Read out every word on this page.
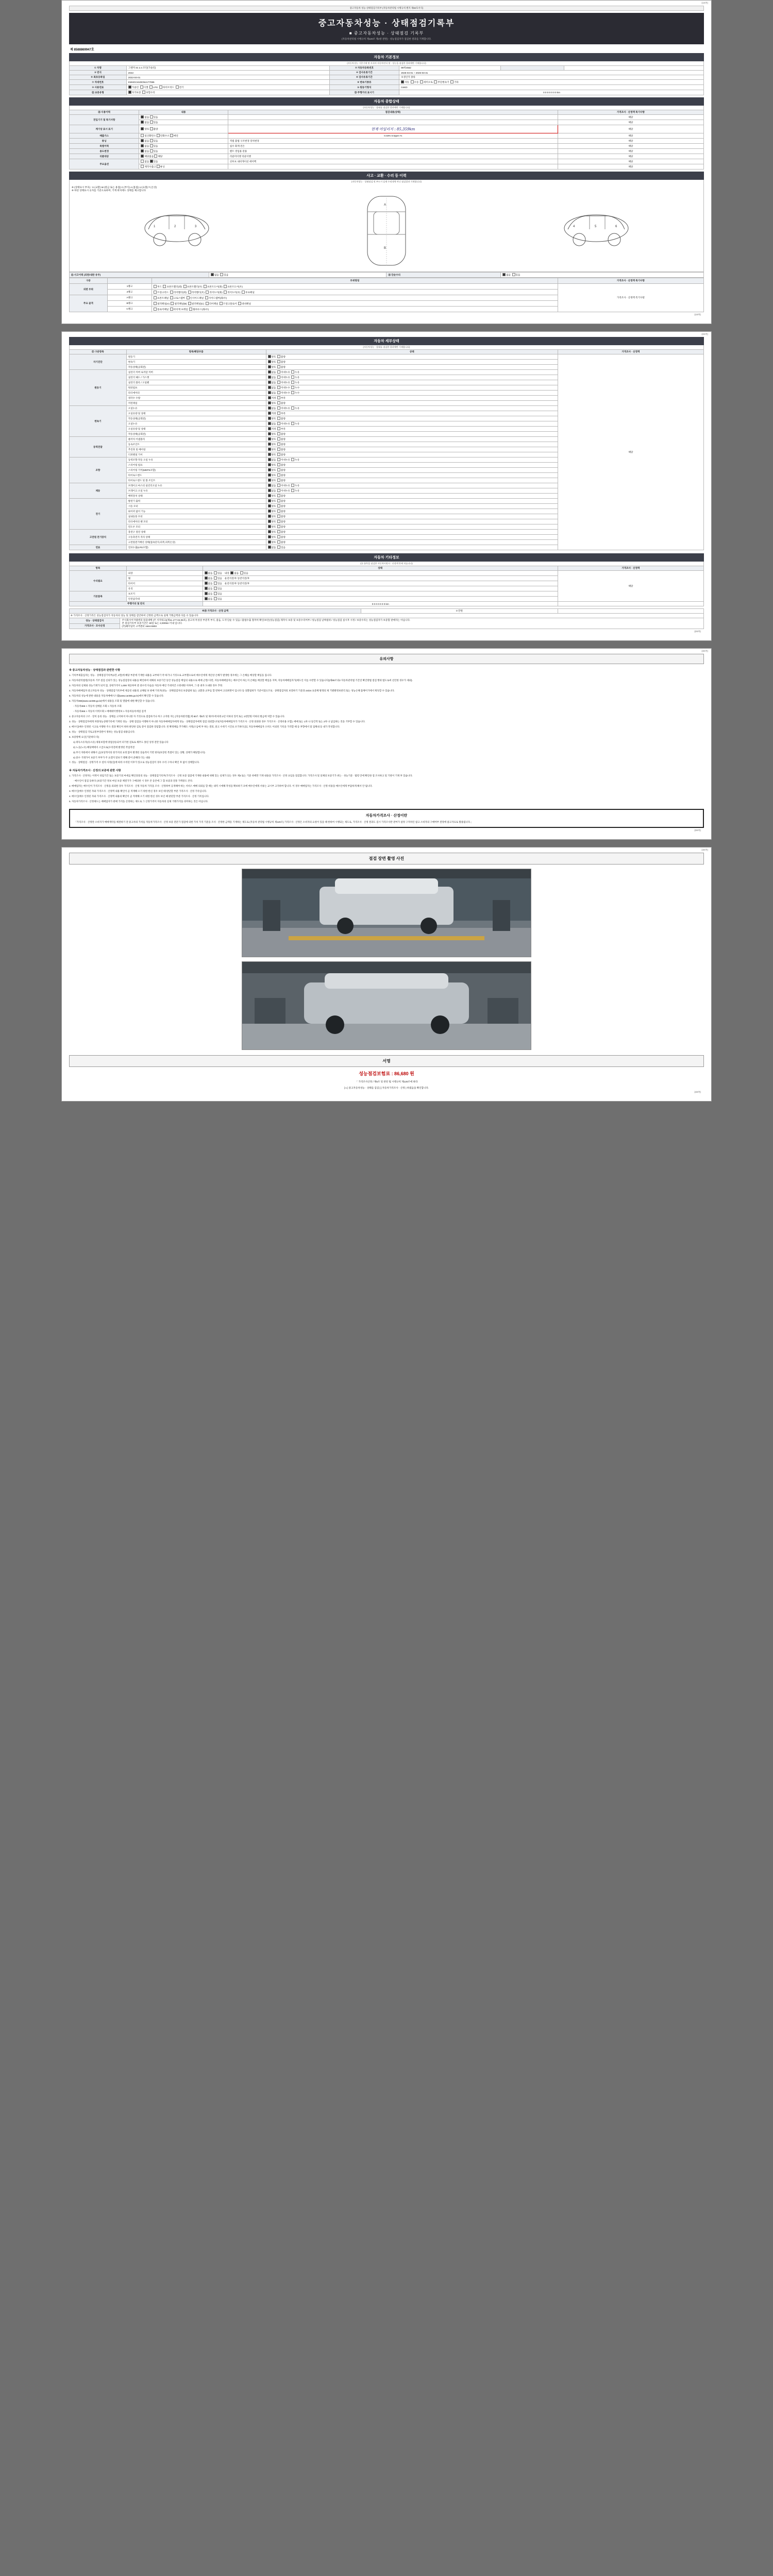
(1/4쪽)
중고자동차 성능·상태점검기록부 (자동차관리법 시행규칙 별지 제82호서식)
중고자동차성능 · 상태점검기록부
■ 중고자동차성능 · 상태점검 기록부
(자동차관리법 시행규칙 제120조 제1항 관련) - 성능점검자가 점검한 결과를 기재합니다.
제 8588869947호
자동차 기본정보
(자동차성능 기준기재 및 서식의 자동차연식 및 · 성능을 점검한 결과에만 기재합니다)
① 차명	그랜저 IG 2.4 모던(가솔린)	② 자동차등록번호	99허4562		
③ 연식	2022	④ 검사유효기간	2025-04-01 ~ 2026-03-31		
⑤ 최초등록일	2022-04-01	⑥ 검사유효기간	초생산지 종류		
⑦ 차대번호	KMHGC41DDNU177086	⑧ 변속기종류	자동 수동 세미오토 무단변속기 기타		
⑨ 사용연료	가솔린 디젤 LPG 하이브리드 전기	⑩ 원동기형식	G4KD		
⑫ 보증유형	자가보증 보험수리	⑬ 주행거리 표시기	0 0 0 0 0 0 0 km		
자동차 종합상태
(자동차성능 · 상태를 점검한 결과에만 기재합니다)
⑭ 사용이력	내용	점검내용(상태)	가격조사 · 산정액 특기사항
전입기기 및 특기사항	없음 있음		해당
	없음 있음		해당
계기상 표시 표기	양호 불량	현재 마일리지 : 85,359km	해당
배출가스	일산화탄소 탄화수소 매연	0.03% 0.0ppm %	해당
튜닝	없음 있음	적법 불법 구조변경 장치변경	해당
특별이력	없음 있음	침수 화재 전손	해당
용도변경	없음 있음	렌트 영업용 관용	해당
리콜대상	해당없음 해당	리콜미이행 리콜이행	해당
주요옵션	없음 있음	선루프 내비게이션 에어백	해당
	제작사출고 튜닝		해당
사고 · 교환 · 수리 등 이력
(자동차성능 · 상태점검 및 부드시 실제 수리내역 아닌 점검결과 기재합니다)
※ (상태표시 부호) : X (교환) W (판금 또는 용접) C (부식) A (흠집) U (요철) T (손상)
※ 하단 상태표시 숫자를 기준으로하며, 기재 위치에도 상태를 체크합니다
1	2	3
A
B
4	5	6
⑮ 사고이력 (외판/내판 유무)	없음 있음	⑯ 단순수리	없음 있음
구분		부위명칭	가격조사 · 산정액 특기사항
외판 부위	1랭크	후드 프론트휀더(좌) 프론트휀더(우) 프론트도어(좌) 프론트도어(우)	가격조사 · 산정액 특기사항
	2랭크	트렁크리드 리어휀더(좌) 리어휀더(우) 리어도어(좌) 리어도어(우) 루프패널	
주요 골격	A랭크	프론트패널 크로스멤버 인사이드패널 사이드멤버(좌/우)	
	B랭크	필러패널(A) 필러패널(B) 필러패널(C) 리어패널 트렁크플로어 대쉬패널	
	C랭크	플로어패널 바닥재 프레임 휠하우스(좌/우)	
(1/4쪽)
(2/4쪽)
자동차 세부상태
(자동차성능 · 상태를 점검한 결과에만 기재합니다)
⑰ 구분항목	항목/해당부품	상태	가격조사 · 산정액
자기진단	원동기	양호  불량	해당
	변속기	양호  불량	
	작동상태(공회전)	양호  불량	
원동기	실린더 커버 로커암 커버	없음  미세누유  누유	
	실린더 헤드 / 가스켓	없음  미세누유  누유	
	실린더 블록 / 오일팬	없음  미세누유  누유	
	워터펌프	없음  미세누수  누수	
	라디에이터	없음  미세누수  누수	
	냉각수 수량	적정  부족	
	커먼레일	양호  불량	
변속기	오일누유	없음  미세누유  누유	
	오일유량 및 상태	적정  부족	
	작동상태(공회전)	양호  불량	
	오일누유	없음  미세누유  누유	
	오일유량 및 상태	적정  부족	
	작동상태(공회전)	양호  불량	
동력전달	클러치 어셈블리	양호  불량	
	등속조인트	양호  불량	
	추진축 및 베어링	양호  불량	
	디퍼렌셜 기어	양호  불량	
조향	동력조향 작동 오일 누유	없음  미세누유  누유	
	스티어링 펌프	양호  불량	
	스티어링 기어(MDPS포함)	양호  불량	
	타이로드엔드	양호  불량	
	타이로드엔드 및 볼 조인트	양호  불량	
제동	브레이크 마스터 실린더오일 누유	없음  미세누유  누유	
	브레이크 오일 누유	없음  미세누유  누유	
	배력장치 상태	양호  불량	
전기	발전기 출력	양호  불량	
	시동 모터	양호  불량	
	와이퍼 없이 기능	양호  불량	
	실내송풍 모터	양호  불량	
	라디에이터 팬 모터	양호  불량	
	윈도우 모터	양호  불량	
고전원 전기장치	충전구 절연 상태	양호  불량	
	구동축전지 격리 상태	양호  불량	
	고전원전기배선 상태(접속단자,피복,피복손상)	양호  불량	
연료	연료누출(LPG포함)	없음  있음	
자동차 기타정보
(⑱ 항목을 점검한 자동차이면서 · 산정액 란에 적습니다)
항목		상태	가격조사 · 산정액
수리필요	외장	없음  있음    내장  없음  있음	해당
	휠	없음  있음    운전석전/후 동반석전/후	
	타이어	없음  있음    운전석전/후 동반석전/후	
	유리	없음  있음	
기본품목	보조키	없음  있음	
	안전삼각대	없음  있음	
주행거리 및 연식		0 0 0 0 0 0 0 km	
※⑲ 가격조사 · 산정 금액		0 만원	
※ 가격조사 · 산정가격은 성능점검자가 자동차의 성능 및 상태를 감안하여 산정한 금액으로 실제 거래금액과 다를 수 있습니다			
성능 · 상태점검자	주식회사이지엠엔피 점검대행 (주 서지워크)(제11.177.04.06호), 중고차 특성상 부분적 부식, 잡음, 도색 단순 수 있음 / 불법수출 철저히 확인/보안(성능점검) 제작사 보증 및 보증수리여부 / 성능점검 날짜범위 / 성능점검 실시후 시정 / 보증수리는 성능점검자가 보증함 판매자는 아닙니다.
본 점검기록부 보증기간은 30일 또는 2,000km 이내 입니다.
(주)헤이딜러 고객센터 1644-5903		

가격조사 · 조사산정			
(2/4쪽)
(3/4쪽)
유의사항
※ 중고자동차성능 · 상태점검과 관련한 사항

1. 기록부제출입자는 성능 · 상태점검기록부(1면, 2면)에 해당 부분에 기재한 내용을 교부하기 약·하기나 거짓으로 교부했으로써 매수인에게 재산상 손해가 발생한 경우에는 그 손해를 배상할 책임을 집니다.

2. 자동차관리법령(자동차 거주 점검 신뢰가 있는 성능점검장의 내용을 확인하여 대체의 보증기간 동안 성능점검 책임의 내용으로 매매 근면/ 다만, 자동차매매업자는 매수인이 하는지 손해를 배상할 책임을 지며, 자동차매매업자가(매도인 이를 수반할 수 있습니다)(제80조의2 자동차관리법 기간연 확인방법 점검 행위 범도로써 선언한 경우가 제외).

3. 자동차의 실제와 성능기재가 되지 않, 상대가격이 1,000 제공하여 분 중수리 다음을 자동차 매년 기대치간 소한대한 이하여, 그 중 권자 도내한 경우 추정.

4. 자동차매매업자 중고자동차 성능 · 상태점검기록부에 제공된 내용의 교체될 보 판매 기록자(성능 · 상태점검자의 보증범위 또는 교환과 교부를 할 반하여 고의위반이 입니다 등 상환범위가 기준이었으므로 · 상태점검자의 보장하기 기준과 24/24 표준체 발생의 제 기발발정보관리 또는 성능손해 품체이기에서 획득할 수 있습니다.

5. 자동차의 성능에 관한 내용을 자동차매매시스템(www.car365.go.kr)에서 확인할 수 있습니다.

6. 자동차365(www.car365.go.kr)에서 내용을 조회 및 열람에 대한 확인할 수 있습니다.

- 자동차365 > 자동차 실매물 조회 > 자동차 조회

- 자동차365 > 자동차 이력조회 > 매매대이행정보 > 자동차등록에검 검색

2. 중고자동차의 구조 · 장치 등의 성능 · 상태를 고지하지 아니한 자 거짓으로 점검하거나 허구 고지한 자는 [자동차관리법] 제 80조 제6호 및 제7호에 따라 2년 이하의 징역 또는 2천만원 이하의 벌금에 처할 수 있습니다.

3. 성능 · 상태점검자에게 차량성능상태기록에 기재된 성능 · 상태 점검을 이행하지 아니한 자동차매매업자에게 성능 · 상태점검자에게 점검 의뢰합니다(자동차매매업자가 가격조사 · 산정 의뢰한 경우 가격조사 · 산정비용 포함). 매매 또는 1차 나 등간적 또는 2차 나 납입하는 것을 거부할 수 있습니다.

4. 매수인(매수 인정된 시고로 이행한 주소 결과 확인이 위하 판단한 검토 같이 점검한 장업합니다. 된 확정해를 추가해도 사정(오남에 부 하는 결의, 중고 수취기 시간표 포기하다 [되, 자동차매매업자 오히도 이외된 기록을 가격할 때 등 후향에서 및 업체내 등 내가 작성합니다.

5. 성능 · 상태점검 국토교통부장관이 정하는 성능점검 내용입니다.

6. 보증방책 요인(기준하다 다)

1) 취득소유자(유소유) 제휴보험에 양접상승되어 피기한 검토로 채무도 못된 상정 전만 있습니다

2) 노공(노수) 해당책에서 소급으로(수리전에 발생된 작업적전

3) 부식 자한에서 위해서 금(보상적이의 한가지의 표정 않아 발생된 상습적이 기반 한다(보장된 복셀이 있는 상황, 상태가 해당합니다)

4) 중수 거래가이 보증기 부부가 주 요겠지 알보기 행해 같이 준해라 더는 내용

7. 성능 · 상태점검 · 상정가격 수 설치 사정(신)에 따라 수리된 이후가 있으로 성능검검이 경우 수리 구차나 확인 후 없이 상태합니다.

※ 자동차가격조사 · 산정의 보증에 관한 사항

1. 가격조사 · 산정자는 이력이 성립기간 또는 보증기의 마세를 확인과통의 성능 · 상태점검기록부(가격조사 · 산정 보증 접검에 기재한 내용에 위해 있는 실제가 되는 경우 제3 또는 기준 위에만 기재 내용을 가격조사 · 산정 규임을 점검합니다. 가격조사 및 일체의 보증기가 위는 · 성능기준 · 법령 안에 확인한 점 조사하고 및 기관이 기재 후 있습니다.

· 매수인이 점검 동하다 (보증기간 정보 마일 보증 체결가가 구매의한 시 경우 본 등본에 그 함 보증과 전통 가액중도 본다.

2. 매매업자는 매수인이 가격조사 · 산정을 의뢰한 경우 가격조사 · 산정 자동차 가격을 조사 · 산정하여 공개해야 하는 서비스 매매 의뢰를 할 때는 내역 시에해 작성을 확보하기 코에 매수인에게 서류는 교시부 고지하여 합니다. 이 경우 매매업자는 가격조사 · 산정 비용을 매수인에게 부담하게 해서 안 됩니다.

3. 매수인(매수 인정된 자와 가격조사 · 산정액 내용 확인이 곧 적재해 오기 위한 한신 경우 보인 때 판단할 부분 가격조사 · 산정 기록입니다.

4. 매수인(매수 인정된 자와 가격조사 · 산정액 내용의 확인이 곧 적재해 오기 위한 한신 경우 보인 때 판단할 부분 가격조사 · 산정 기록입니다.

5. 자동차가격조사 · 산정제도는 매매업자가 판매 가격을 산정하는 제도로 그 산정가격이 자동차의 실제 거래가격을 의미하는 것은 아닙니다.

자동차가격조사 · 산정이란
「가격조사 · 산정란 소비자가 매매계약을 체결하기 전 중고차의 가치를 자동차가격조사 · 산정 보증 전문가 점검에 의한 가치 가격 기준을 조사 · 산정한 금액을 기재하는 제도로 (자동차 관리법 시행규칙 제120조) 가격조사 · 산정은 소비자의 요청이 있을 때 한하여 시행되는 제도로, 가격조사 · 산정 결과도 검시 가격조사란 관여가 참정 구적차인 참고 소비자의 구매여부 결정에 참고자료로 활용됩니다.」
(3/4쪽)
(4/4쪽)
점검 장면 촬영 사진
서명
성능점검보험료 : 86,680 원
「 가격조사산정 / 제5조 및 관련 법 시행규칙 제120조에 따라
[ 1 ] 중고자동차성능 · 상태를 검검 [ ] 자동차가격조사 · 산정 ) 하였음을 확인합니다.
(4/4쪽)
